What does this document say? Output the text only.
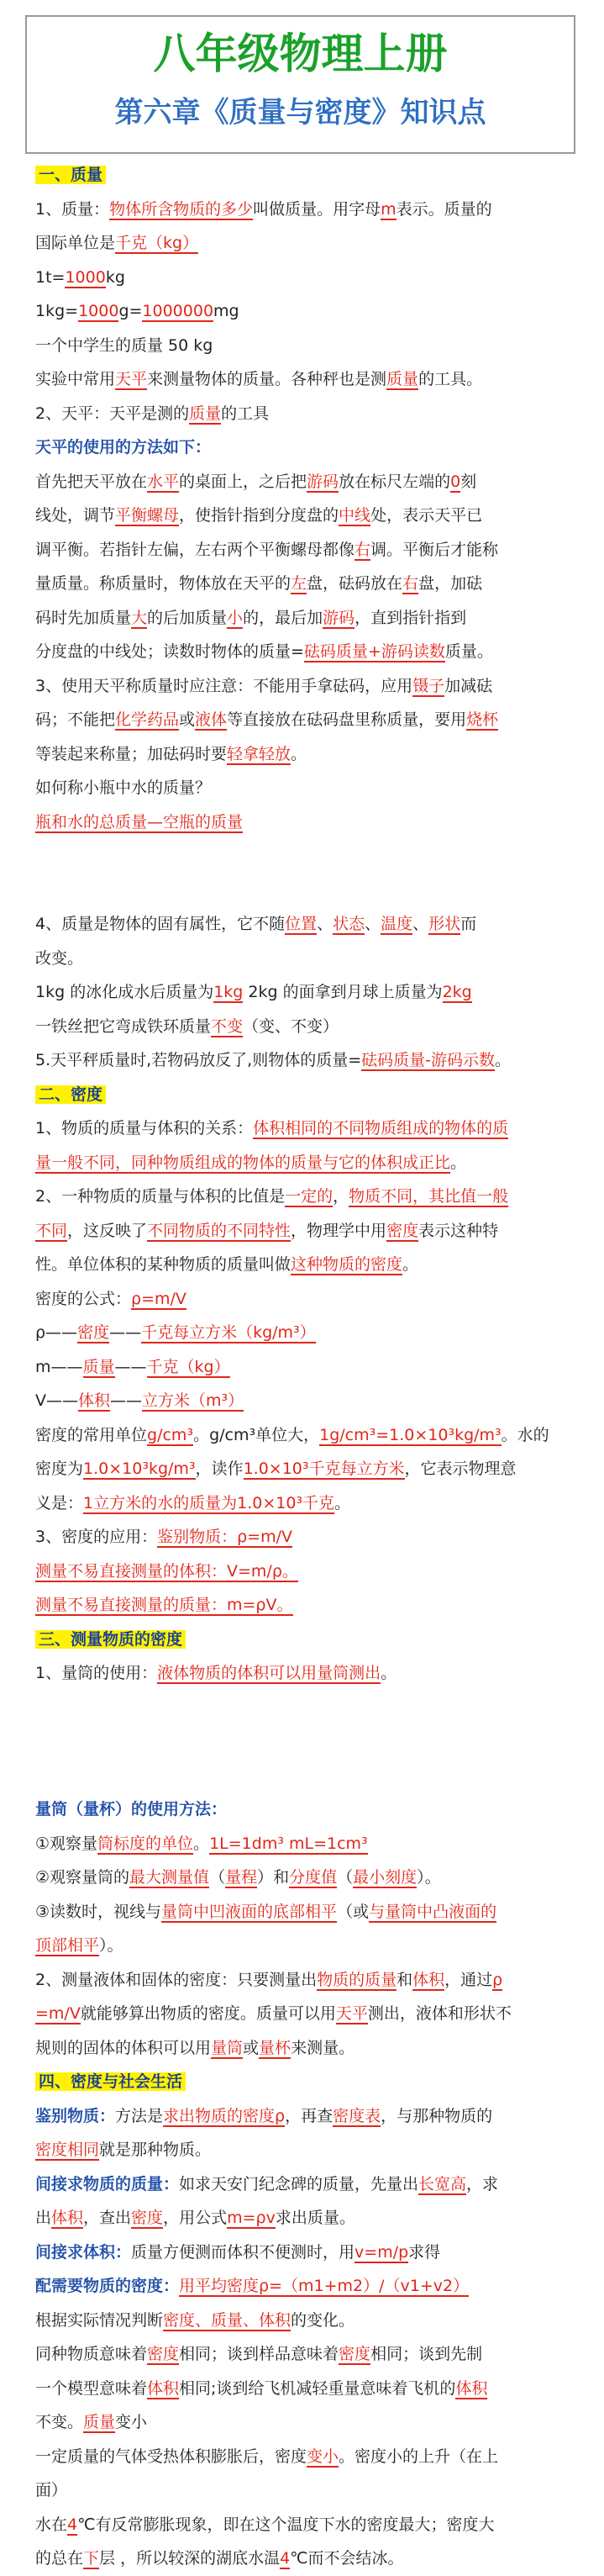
八年级物理上册
第六章《质量与密度》知识点
一、质量
1、质量：物体所含物质的多少叫做质量。用字母m表示。质量的
国际单位是千克（kg）
1t=1000kg
1kg=1000g=1000000mg
一个中学生的质量 50 kg
实验中常用天平来测量物体的质量。各种秤也是测质量的工具。
2、天平：天平是测的质量的工具
天平的使用的方法如下：
首先把天平放在水平的桌面上，之后把游码放在标尺左端的0刻
线处，调节平衡螺母，使指针指到分度盘的中线处，表示天平已
调平衡。若指针左偏，左右两个平衡螺母都像右调。平衡后才能称
量质量。称质量时，物体放在天平的左盘，砝码放在右盘，加砝
码时先加质量大的后加质量小的，最后加游码，直到指针指到
分度盘的中线处；读数时物体的质量=砝码质量+游码读数质量。
3、使用天平称质量时应注意：不能用手拿砝码，应用镊子加减砝
码；不能把化学药品或液体等直接放在砝码盘里称质量，要用烧杯
等装起来称量；加砝码时要轻拿轻放。
如何称小瓶中水的质量？
瓶和水的总质量—空瓶的质量
4、质量是物体的固有属性，它不随位置、状态、温度、形状而
改变。
1kg 的冰化成水后质量为1kg 2kg 的面拿到月球上质量为2kg
一铁丝把它弯成铁环质量不变（变、不变）
5.天平秤质量时,若物码放反了,则物体的质量=砝码质量-游码示数。
二、密度
1、物质的质量与体积的关系：体积相同的不同物质组成的物体的质
量一般不同，同种物质组成的物体的质量与它的体积成正比。
2、一种物质的质量与体积的比值是一定的，物质不同，其比值一般
不同，这反映了不同物质的不同特性，物理学中用密度表示这种特
性。单位体积的某种物质的质量叫做这种物质的密度。
密度的公式：ρ=m/V
ρ——密度——千克每立方米（kg/m³）
m——质量——千克（kg）
V——体积——立方米（m³）
密度的常用单位g/cm³。g/cm³单位大，1g/cm³=1.0×10³kg/m³。水的
密度为1.0×10³kg/m³，读作1.0×10³千克每立方米，它表示物理意
义是：1立方米的水的质量为1.0×10³千克。
3、密度的应用：鉴别物质：ρ=m/V
测量不易直接测量的体积：V=m/ρ。
测量不易直接测量的质量：m=ρV。
三、测量物质的密度
1、量筒的使用：液体物质的体积可以用量筒测出。
量筒（量杯）的使用方法：
①观察量筒标度的单位。1L=1dm³ mL=1cm³
②观察量筒的最大测量值（量程）和分度值（最小刻度）。
③读数时，视线与量筒中凹液面的底部相平（或与量筒中凸液面的
顶部相平）。
2、测量液体和固体的密度：只要测量出物质的质量和体积，通过ρ
=m/V就能够算出物质的密度。质量可以用天平测出，液体和形状不
规则的固体的体积可以用量筒或量杯来测量。
四、密度与社会生活
鉴别物质：方法是求出物质的密度ρ，再查密度表，与那种物质的
密度相同就是那种物质。
间接求物质的质量：如求天安门纪念碑的质量，先量出长宽高，求
出体积，查出密度，用公式m=ρv求出质量。
间接求体积：质量方便测而体积不便测时，用v=m/p求得
配需要物质的密度：用平均密度ρ=（m1+m2）/（v1+v2）
根据实际情况判断密度、质量、体积的变化。
同种物质意味着密度相同；谈到样品意味着密度相同；谈到先制
一个模型意味着体积相同;谈到给飞机减轻重量意味着飞机的体积
不变。质量变小
一定质量的气体受热体积膨胀后，密度变小。密度小的上升（在上
面）
水在4℃有反常膨胀现象，即在这个温度下水的密度最大；密度大
的总在下层 ，所以较深的湖底水温4℃而不会结冰。
